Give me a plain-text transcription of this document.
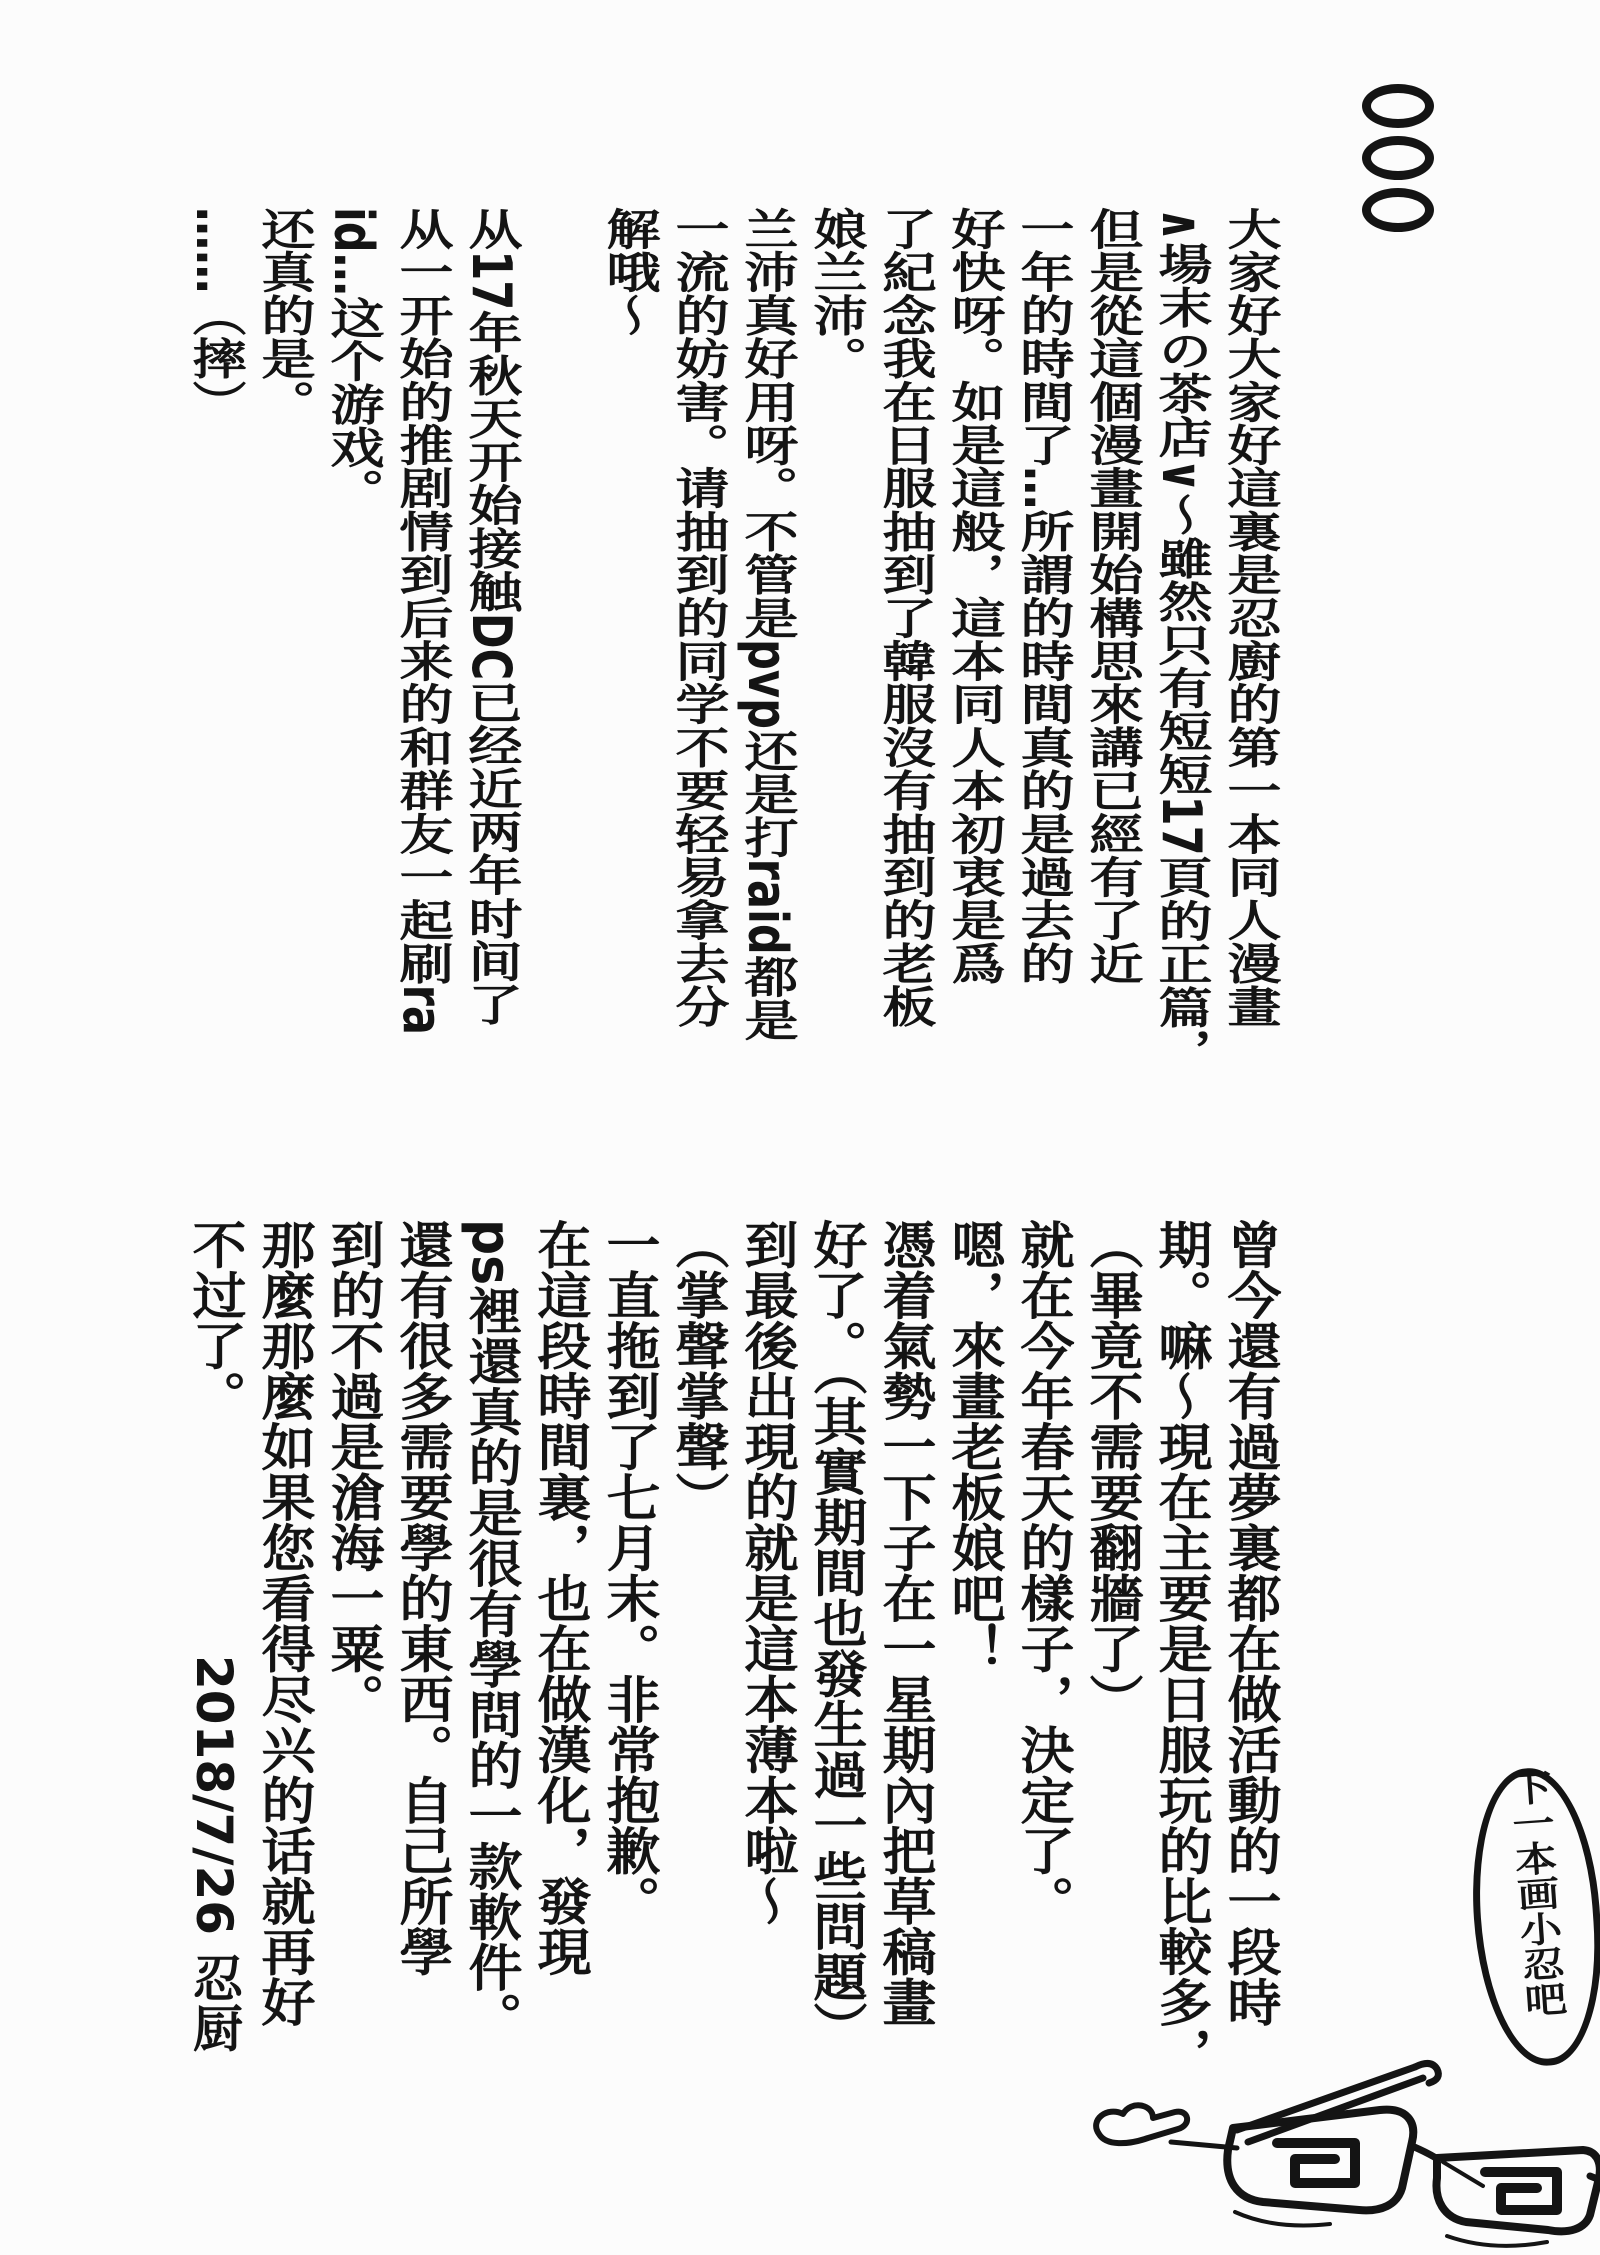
大家好大家好這裏是忍廚的第一本同人漫畫
∧場末の茶店∨～雖然只有短短17頁的正篇，
但是從這個漫畫開始構思來講已經有了近
一年的時間了…所謂的時間真的是過去的
好快呀。如是這般，這本同人本初衷是爲
了紀念我在日服抽到了韓服沒有抽到的老板
娘兰沛。
兰沛真好用呀。不管是pvp还是打raid都是
一流的妨害。请抽到的同学不要轻易拿去分
解哦～
从17年秋天开始接触DC已经近两年时间了
从一开始的推剧情到后来的和群友一起刷ra
id…这个游戏。
还真的是。
……（摔）
曾今還有過夢裏都在做活動的一段時
期。嘛～現在主要是日服玩的比較多，
（畢竟不需要翻牆了）
就在今年春天的樣子，決定了。
嗯，來畫老板娘吧！
憑着氣勢一下子在一星期內把草稿畫
好了。（其實期間也發生過一些問題）
到最後出現的就是這本薄本啦～
（掌聲掌聲）
一直拖到了七月末。非常抱歉。
在這段時間裏，也在做漢化，發現
ps裡還真的是很有學問的一款軟件。
還有很多需要學的東西。自己所學
到的不過是滄海一粟。
那麼那麼如果您看得尽兴的话就再好
不过了。
2018/7/26 忍厨	下一本画小忍吧
